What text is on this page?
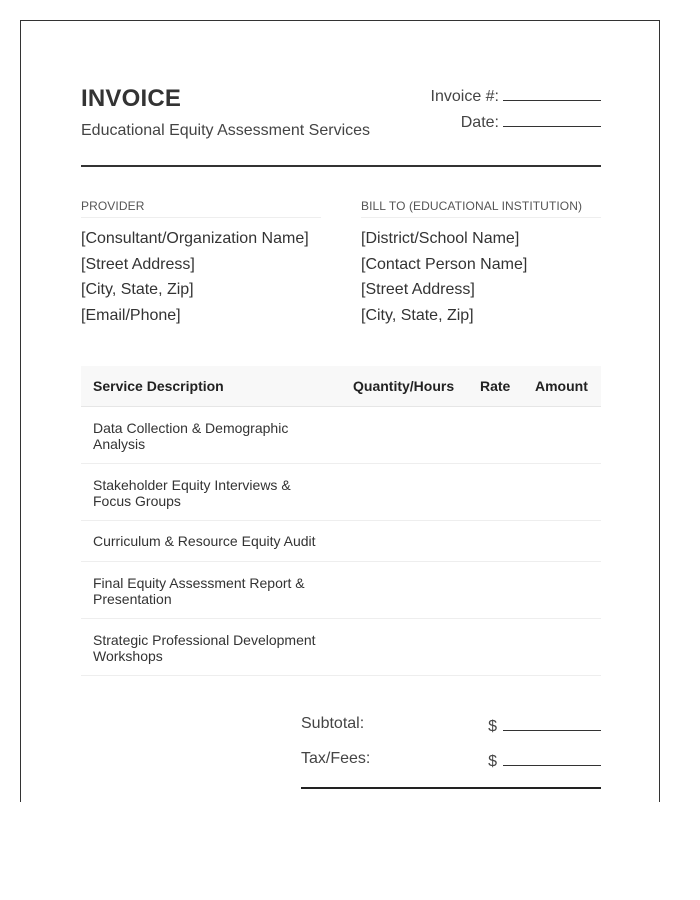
INVOICE
Educational Equity Assessment Services
Invoice #:
Date:
PROVIDER
[Consultant/Organization Name]
[Street Address]
[City, State, Zip]
[Email/Phone]
BILL TO (EDUCATIONAL INSTITUTION)
[District/School Name]
[Contact Person Name]
[Street Address]
[City, State, Zip]
Service Description	Quantity/Hours Rate Amount
Data Collection & Demographic Analysis
Stakeholder Equity Interviews & Focus Groups
Curriculum & Resource Equity Audit
Final Equity Assessment Report & Presentation
Strategic Professional Development Workshops
Subtotal:	$
Tax/Fees:	$
